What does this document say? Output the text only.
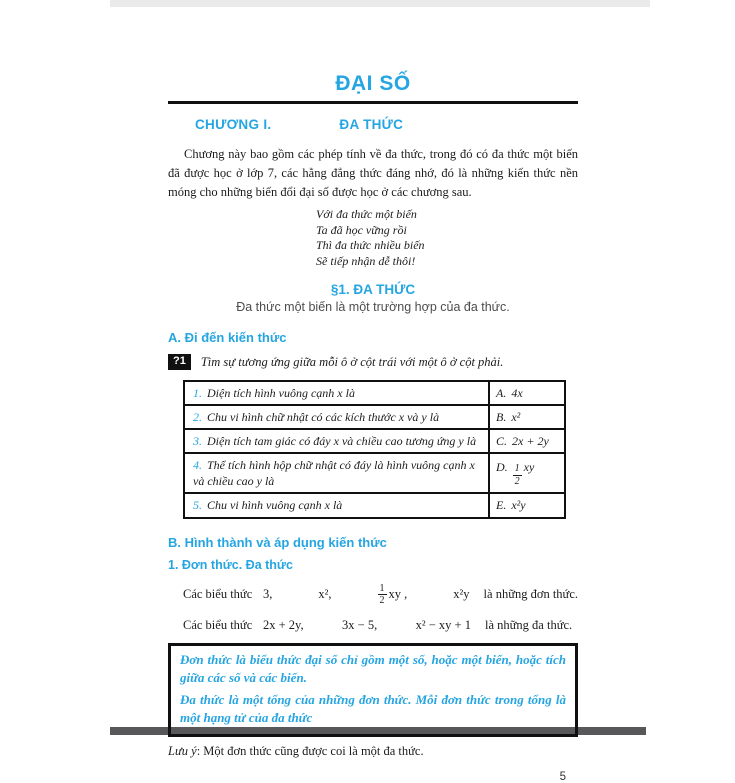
ĐẠI SỐ
CHƯƠNG I.	ĐA THỨC
Chương này bao gồm các phép tính về đa thức, trong đó có đa thức một biến đã được học ở lớp 7, các hằng đẳng thức đáng nhớ, đó là những kiến thức nền móng cho những biến đổi đại số được học ở các chương sau.
Với đa thức một biến
Ta đã học vững rồi
Thì đa thức nhiều biến
Sẽ tiếp nhận dễ thôi!
§1. ĐA THỨC
Đa thức một biến là một trường hợp của đa thức.
A. Đi đến kiến thức
?1	Tìm sự tương ứng giữa mỗi ô ở cột trái với một ô ở cột phải.
1. Diện tích hình vuông cạnh x là	A. 4x
2. Chu vi hình chữ nhật có các kích thước x và y là	B. x²
3. Diện tích tam giác có đáy x và chiều cao tương ứng y là	C. 2x + 2y
4. Thể tích hình hộp chữ nhật có đáy là hình vuông cạnh x và chiều cao y là	D. $\frac{1}{2}$ xy
5. Chu vi hình vuông cạnh x là	E. x²y
B. Hình thành và áp dụng kiến thức
1. Đơn thức. Đa thức
Các biểu thức 3,	x²,	$\frac{1}{2}$ xy ,	x²y là những đơn thức.
Các biểu thức 2x + 2y,	3x − 5,	x² − xy + 1 là những đa thức.
Đơn thức là biểu thức đại số chỉ gồm một số, hoặc một biến, hoặc tích giữa các số và các biến.
Đa thức là một tổng của những đơn thức. Mỗi đơn thức trong tổng là một hạng tử của đa thức
Lưu ý: Một đơn thức cũng được coi là một đa thức.
5
